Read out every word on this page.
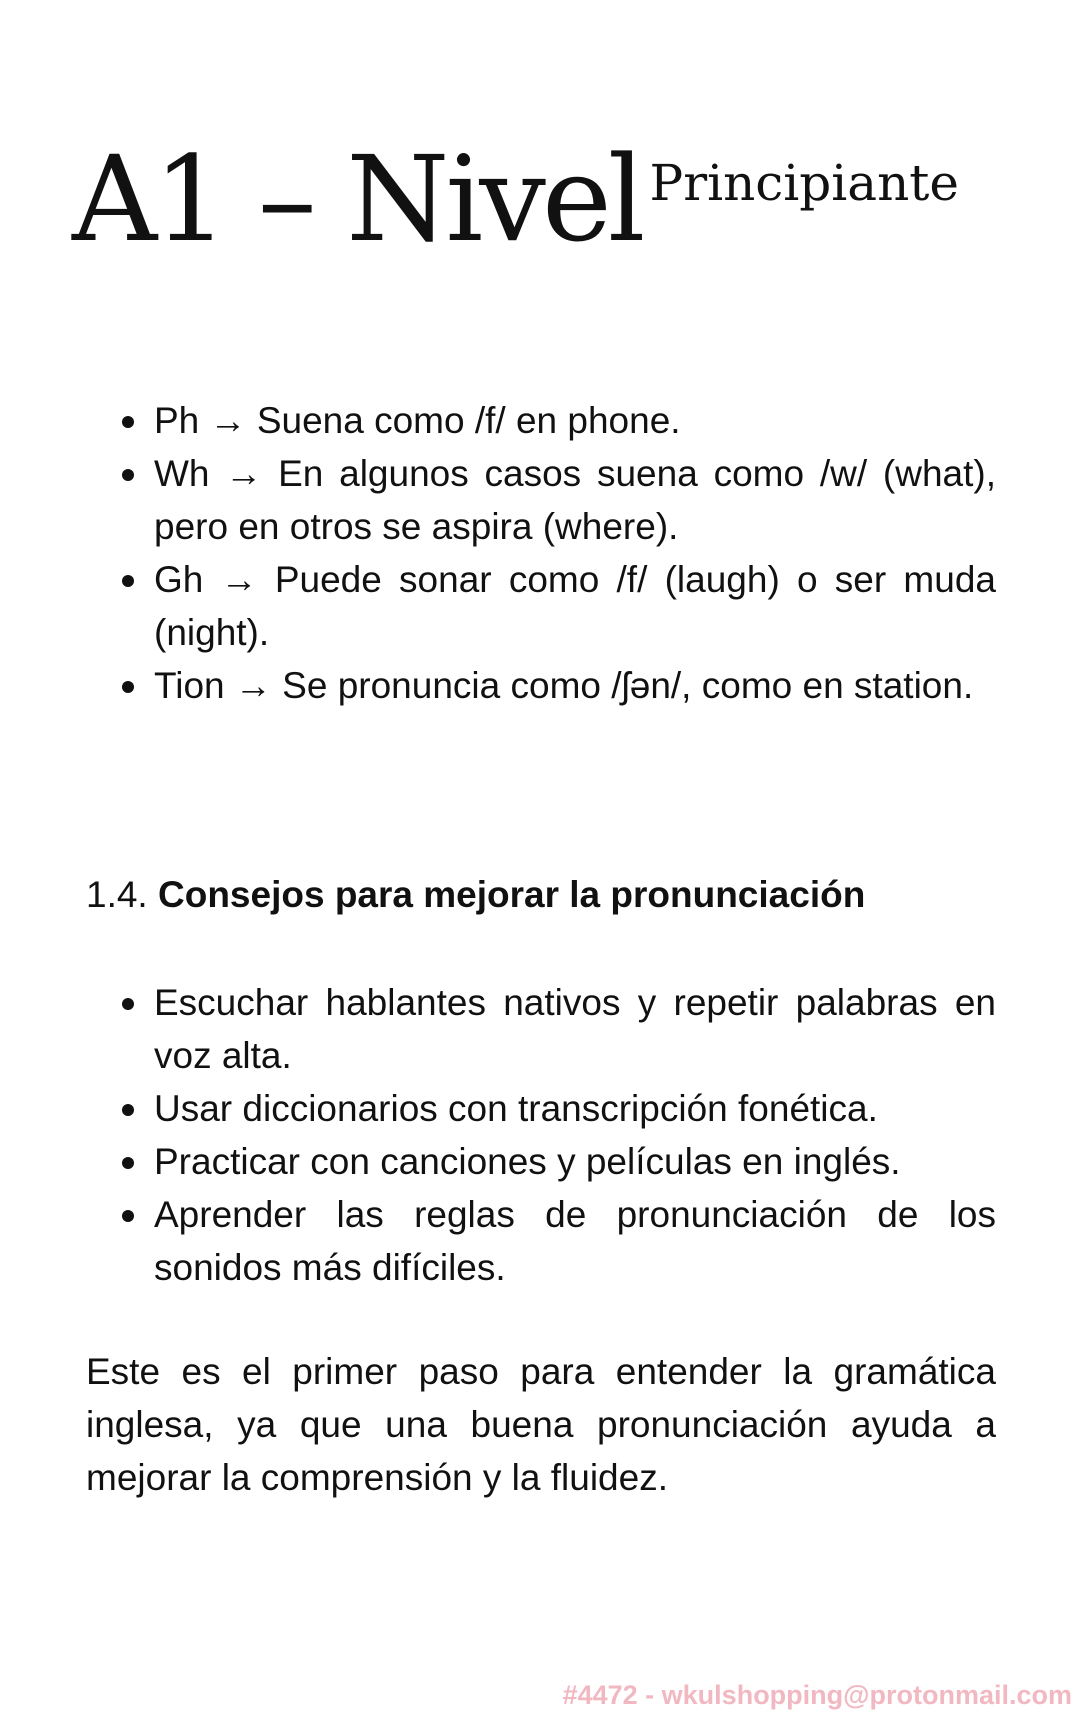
A1 – Nivel Principiante
Ph → Suena como /f/ en phone.
Wh → En algunos casos suena como /w/ (what), pero en otros se aspira (where).
Gh → Puede sonar como /f/ (laugh) o ser muda (night).
Tion → Se pronuncia como /ʃən/, como en station.
1.4. Consejos para mejorar la pronunciación
Escuchar hablantes nativos y repetir palabras en voz alta.
Usar diccionarios con transcripción fonética.
Practicar con canciones y películas en inglés.
Aprender las reglas de pronunciación de los sonidos más difíciles.

Este es el primer paso para entender la gramática inglesa, ya que una buena pronunciación ayuda a mejorar la comprensión y la fluidez.

#4472 - wkulshopping@protonmail.com
